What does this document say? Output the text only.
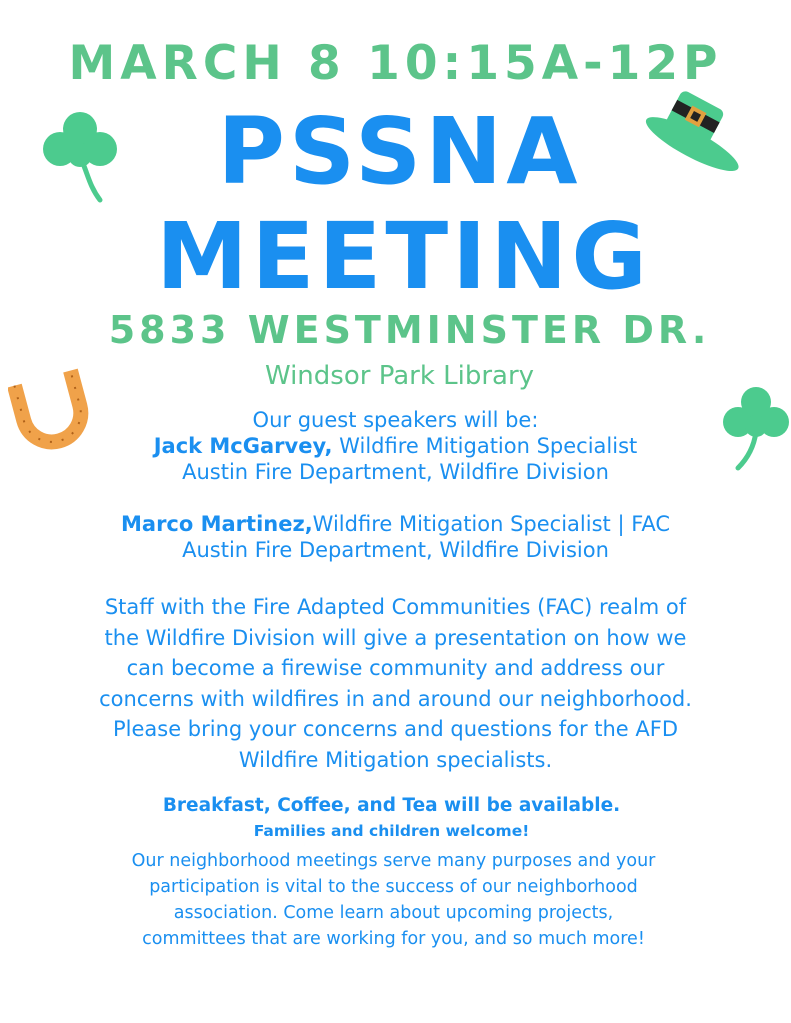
MARCH 8 10:15A-12P
PSSNA
MEETING
5833 WESTMINSTER DR.
Windsor Park Library
Our guest speakers will be:
Jack McGarvey, Wildfire Mitigation Specialist
Austin Fire Department, Wildfire Division
Marco Martinez,Wildfire Mitigation Specialist | FAC
Austin Fire Department, Wildfire Division
Staff with the Fire Adapted Communities (FAC) realm of
the Wildfire Division will give a presentation on how we
can become a firewise community and address our
concerns with wildfires in and around our neighborhood.
Please bring your concerns and questions for the AFD
Wildfire Mitigation specialists.
Breakfast, Coffee, and Tea will be available.
Families and children welcome!
Our neighborhood meetings serve many purposes and your
participation is vital to the success of our neighborhood
association. Come learn about upcoming projects,
committees that are working for you, and so much more!
